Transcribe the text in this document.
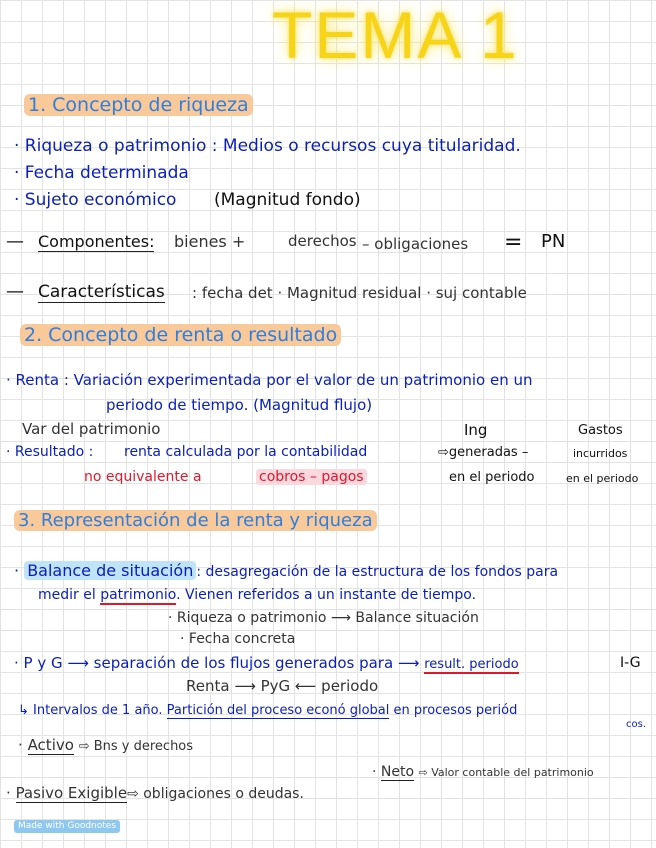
TEMA 1
1. Concepto de riqueza
· Riqueza o patrimonio : Medios o recursos cuya titularidad.
· Fecha determinada
· Sujeto económico (Magnitud fondo)
— Componentes: bienes +	derechos – obligaciones = PN
— Características : fecha det · Magnitud residual · suj contable
2. Concepto de renta o resultado
· Renta : Variación experimentada por el valor de un patrimonio en un
periodo de tiempo. (Magnitud flujo)
Var del patrimonio	Ing	Gastos
· Resultado : renta calculada por la contabilidad	⇨generadas –	incurridos
no equivalente a	cobros – pagos	en el periodo	en el periodo
3. Representación de la renta y riqueza
· Balance de situación : desagregación de la estructura de los fondos para
medir el patrimonio. Vienen referidos a un instante de tiempo.
· Riqueza o patrimonio ⟶ Balance situación
· Fecha concreta
· P y G ⟶ separación de los flujos generados para ⟶ result. periodo	I-G
Renta ⟶ PyG ⟵ periodo
↳ Intervalos de 1 año. Partición del proceso econó global en procesos periód
cos.
· Activo ⇨ Bns y derechos
· Neto ⇨ Valor contable del patrimonio
· Pasivo Exigible⇨ obligaciones o deudas.
Made with Goodnotes
